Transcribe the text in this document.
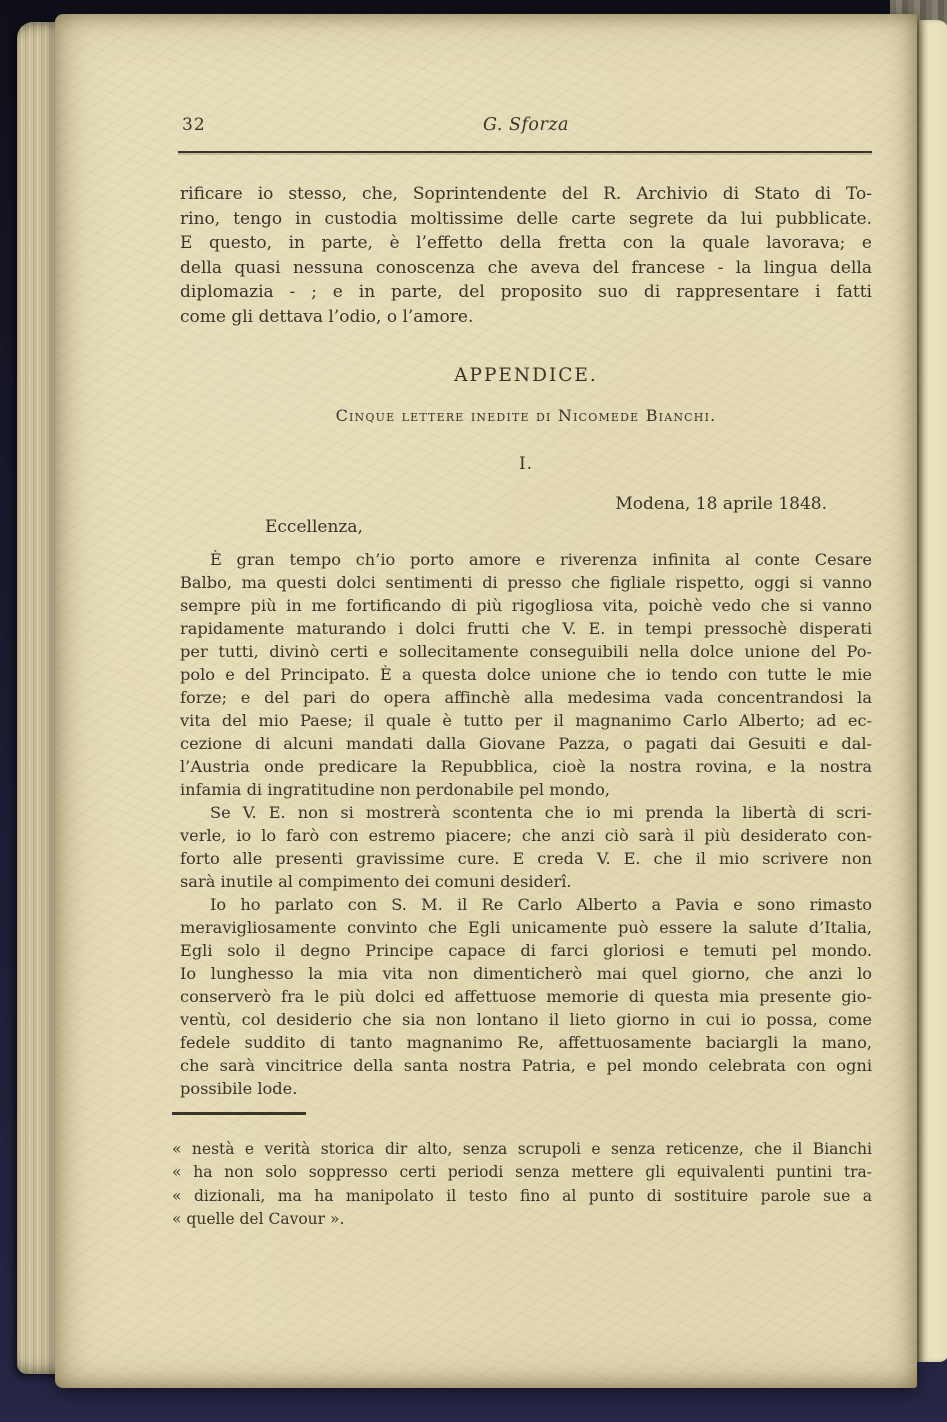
32	G. Sforza
rificare io stesso, che, Soprintendente del R. Archivio di Stato di To-
rino, tengo in custodia moltissime delle carte segrete da lui pubblicate.
E questo, in parte, è l’effetto della fretta con la quale lavorava; e
della quasi nessuna conoscenza che aveva del francese - la lingua della
diplomazia - ; e in parte, del proposito suo di rappresentare i fatti
come gli dettava l’odio, o l’amore.
APPENDICE.
Cinque lettere inedite di Nicomede Bianchi.
I.
Modena, 18 aprile 1848.
Eccellenza,
È gran tempo ch’io porto amore e riverenza infinita al conte Cesare
Balbo, ma questi dolci sentimenti di presso che figliale rispetto, oggi si vanno
sempre più in me fortificando di più rigogliosa vita, poichè vedo che si vanno
rapidamente maturando i dolci frutti che V. E. in tempi pressochè disperati
per tutti, divinò certi e sollecitamente conseguibili nella dolce unione del Po-
polo e del Principato. È a questa dolce unione che io tendo con tutte le mie
forze; e del pari do opera affinchè alla medesima vada concentrandosi la
vita del mio Paese; il quale è tutto per il magnanimo Carlo Alberto; ad ec-
cezione di alcuni mandati dalla Giovane Pazza, o pagati dai Gesuiti e dal-
l’Austria onde predicare la Repubblica, cioè la nostra rovina, e la nostra
infamia di ingratitudine non perdonabile pel mondo,
Se V. E. non si mostrerà scontenta che io mi prenda la libertà di scri-
verle, io lo farò con estremo piacere; che anzi ciò sarà il più desiderato con-
forto alle presenti gravissime cure. E creda V. E. che il mio scrivere non
sarà inutile al compimento dei comuni desiderî.
Io ho parlato con S. M. il Re Carlo Alberto a Pavia e sono rimasto
meravigliosamente convinto che Egli unicamente può essere la salute d’Italia,
Egli solo il degno Principe capace di farci gloriosi e temuti pel mondo.
Io lunghesso la mia vita non dimenticherò mai quel giorno, che anzi lo
conserverò fra le più dolci ed affettuose memorie di questa mia presente gio-
ventù, col desiderio che sia non lontano il lieto giorno in cui io possa, come
fedele suddito di tanto magnanimo Re, affettuosamente baciargli la mano,
che sarà vincitrice della santa nostra Patria, e pel mondo celebrata con ogni
possibile lode.
« nestà e verità storica dir alto, senza scrupoli e senza reticenze, che il Bianchi
« ha non solo soppresso certi periodi senza mettere gli equivalenti puntini tra-
« dizionali, ma ha manipolato il testo fino al punto di sostituire parole sue a
« quelle del Cavour ».
